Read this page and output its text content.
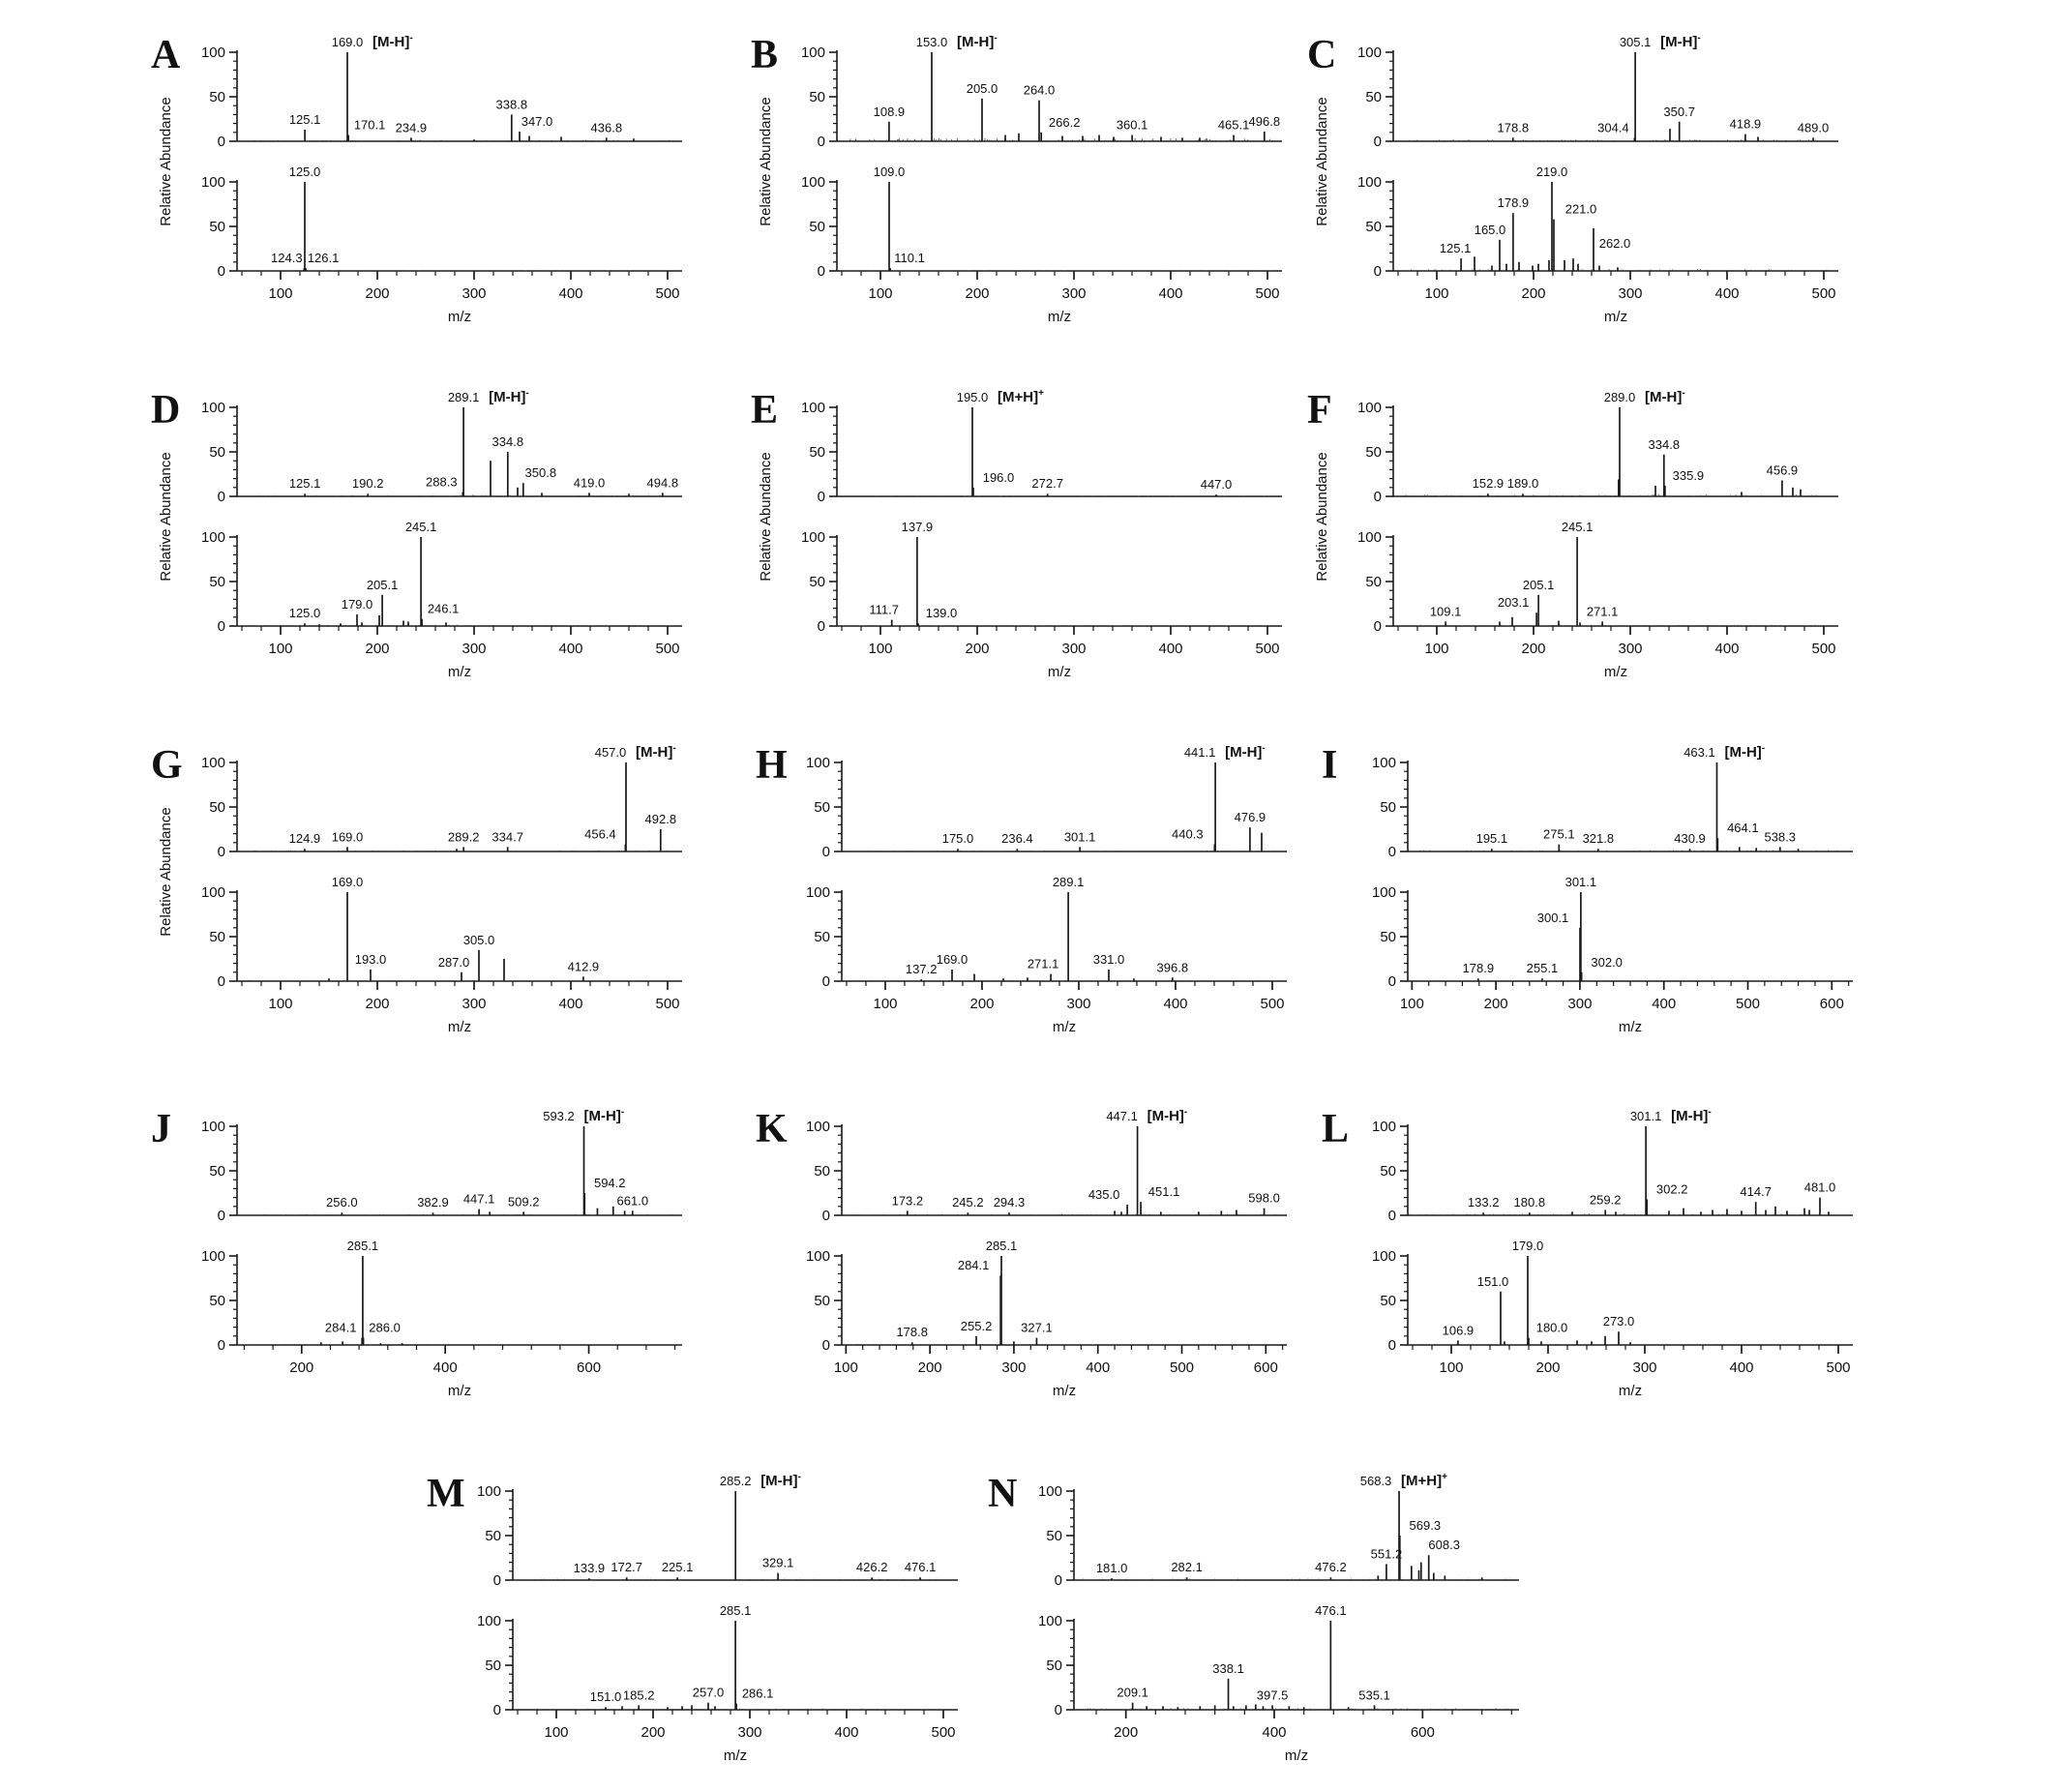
A
Relative Abundance	0
50
100
125.1
169.0 [M-H]-
170.1 234.9
338.8
347.0	436.8
0
50
100
124.3
125.0
126.1
100	200	300	400	500
m/z
B
Relative Abundance	0
50
100
108.9
153.0 [M-H]-
205.0 264.0
266.2	360.1	465.1 496.8
0
50
100
109.0
110.1
100	200	300	400	500
m/z
C
Relative Abundance	0
50
100
178.8	304.4
305.1 [M-H]-
350.7
418.9	489.0
0
50
100
125.1
165.0
178.9
219.0
221.0
262.0
100	200	300	400	500
m/z
D
Relative Abundance	0
50
100
125.1	190.2	288.3
289.1 [M-H]-
334.8
350.8
419.0	494.8
0
50
100
125.0
179.0
205.1
245.1
246.1
100	200	300	400	500
m/z
E
Relative Abundance	0
50
100
195.0 [M+H]+
196.0 272.7	447.0
0
50
100
111.7
137.9
139.0
100	200	300	400	500
m/z
F
Relative Abundance	0
50
100
152.9 189.0
289.0 [M-H]-
334.8
335.9	456.9
0
50
100
109.1
203.1
205.1
245.1
271.1
100	200	300	400	500
m/z
G
Relative Abundance	0
50
100
124.9 169.0	289.2 334.7	456.4
457.0 [M-H]-
492.8
0
50
100
169.0
193.0	287.0
305.0
412.9
100	200	300	400	500
m/z
H
0
50
100
175.0 236.4 301.1	440.3
441.1 [M-H]-
476.9
0
50
100
137.2
169.0	271.1
289.1
331.0
396.8
100	200	300	400	500
m/z
I
0
50
100
195.1	275.1 321.8	430.9
463.1 [M-H]-
464.1
538.3
0
50
100
178.9	255.1
300.1
301.1
302.0
100	200	300	400	500	600
m/z
J
0
50
100
256.0	382.9 447.1 509.2
593.2 [M-H]-
594.2
661.0
0
50
100
284.1
285.1
286.0
200	400	600
m/z
K
0
50
100
173.2 245.2 294.3
435.0
447.1 [M-H]-
451.1	598.0
0
50
100
178.8	255.2
284.1
285.1
327.1
100	200	300	400	500	600
m/z
L
0
50
100
133.2 180.8	259.2
301.1 [M-H]-
302.2	414.7	481.0
0
50
100
106.9
151.0
179.0
180.0	273.0
100	200	300	400	500
m/z
M
0
50
100
133.9 172.7 225.1
285.2 [M-H]-
329.1	426.2 476.1
0
50
100
151.0 185.2	257.0
285.1
286.1
100	200	300	400	500
m/z
N
0
50
100
181.0	282.1	476.2
551.2
568.3 [M+H]+
569.3
608.3
0
50
100
209.1
338.1
397.5
476.1
535.1
200	400	600
m/z
